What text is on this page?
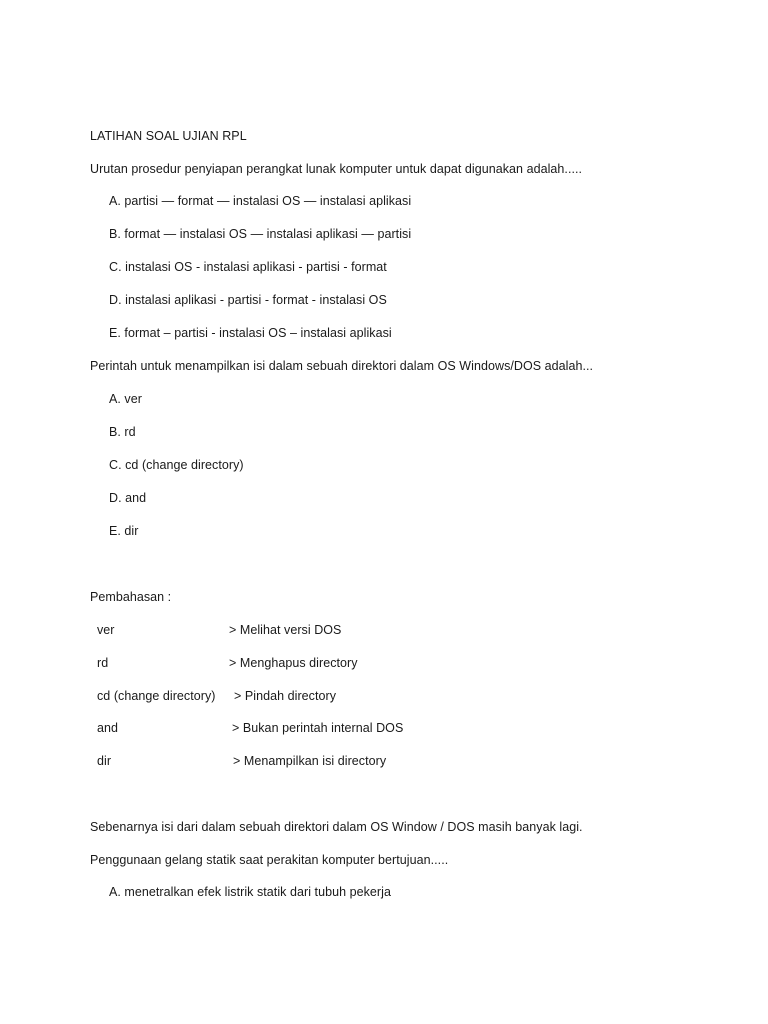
LATIHAN SOAL UJIAN RPL
Urutan prosedur penyiapan perangkat lunak komputer untuk dapat digunakan adalah.....
A. partisi — format — instalasi OS — instalasi aplikasi
B. format — instalasi OS — instalasi aplikasi — partisi
C. instalasi OS - instalasi aplikasi - partisi - format
D. instalasi aplikasi - partisi - format - instalasi OS
E. format – partisi - instalasi OS – instalasi aplikasi
Perintah untuk menampilkan isi dalam sebuah direktori dalam OS Windows/DOS adalah...
A. ver
B. rd
C. cd (change directory)
D. and
E. dir
Pembahasan :
ver	> Melihat versi DOS
rd	> Menghapus directory
cd (change directory) > Pindah directory
and	> Bukan perintah internal DOS
dir	> Menampilkan isi directory
Sebenarnya isi dari dalam sebuah direktori dalam OS Window / DOS masih banyak lagi.
Penggunaan gelang statik saat perakitan komputer bertujuan.....
A. menetralkan efek listrik statik dari tubuh pekerja
